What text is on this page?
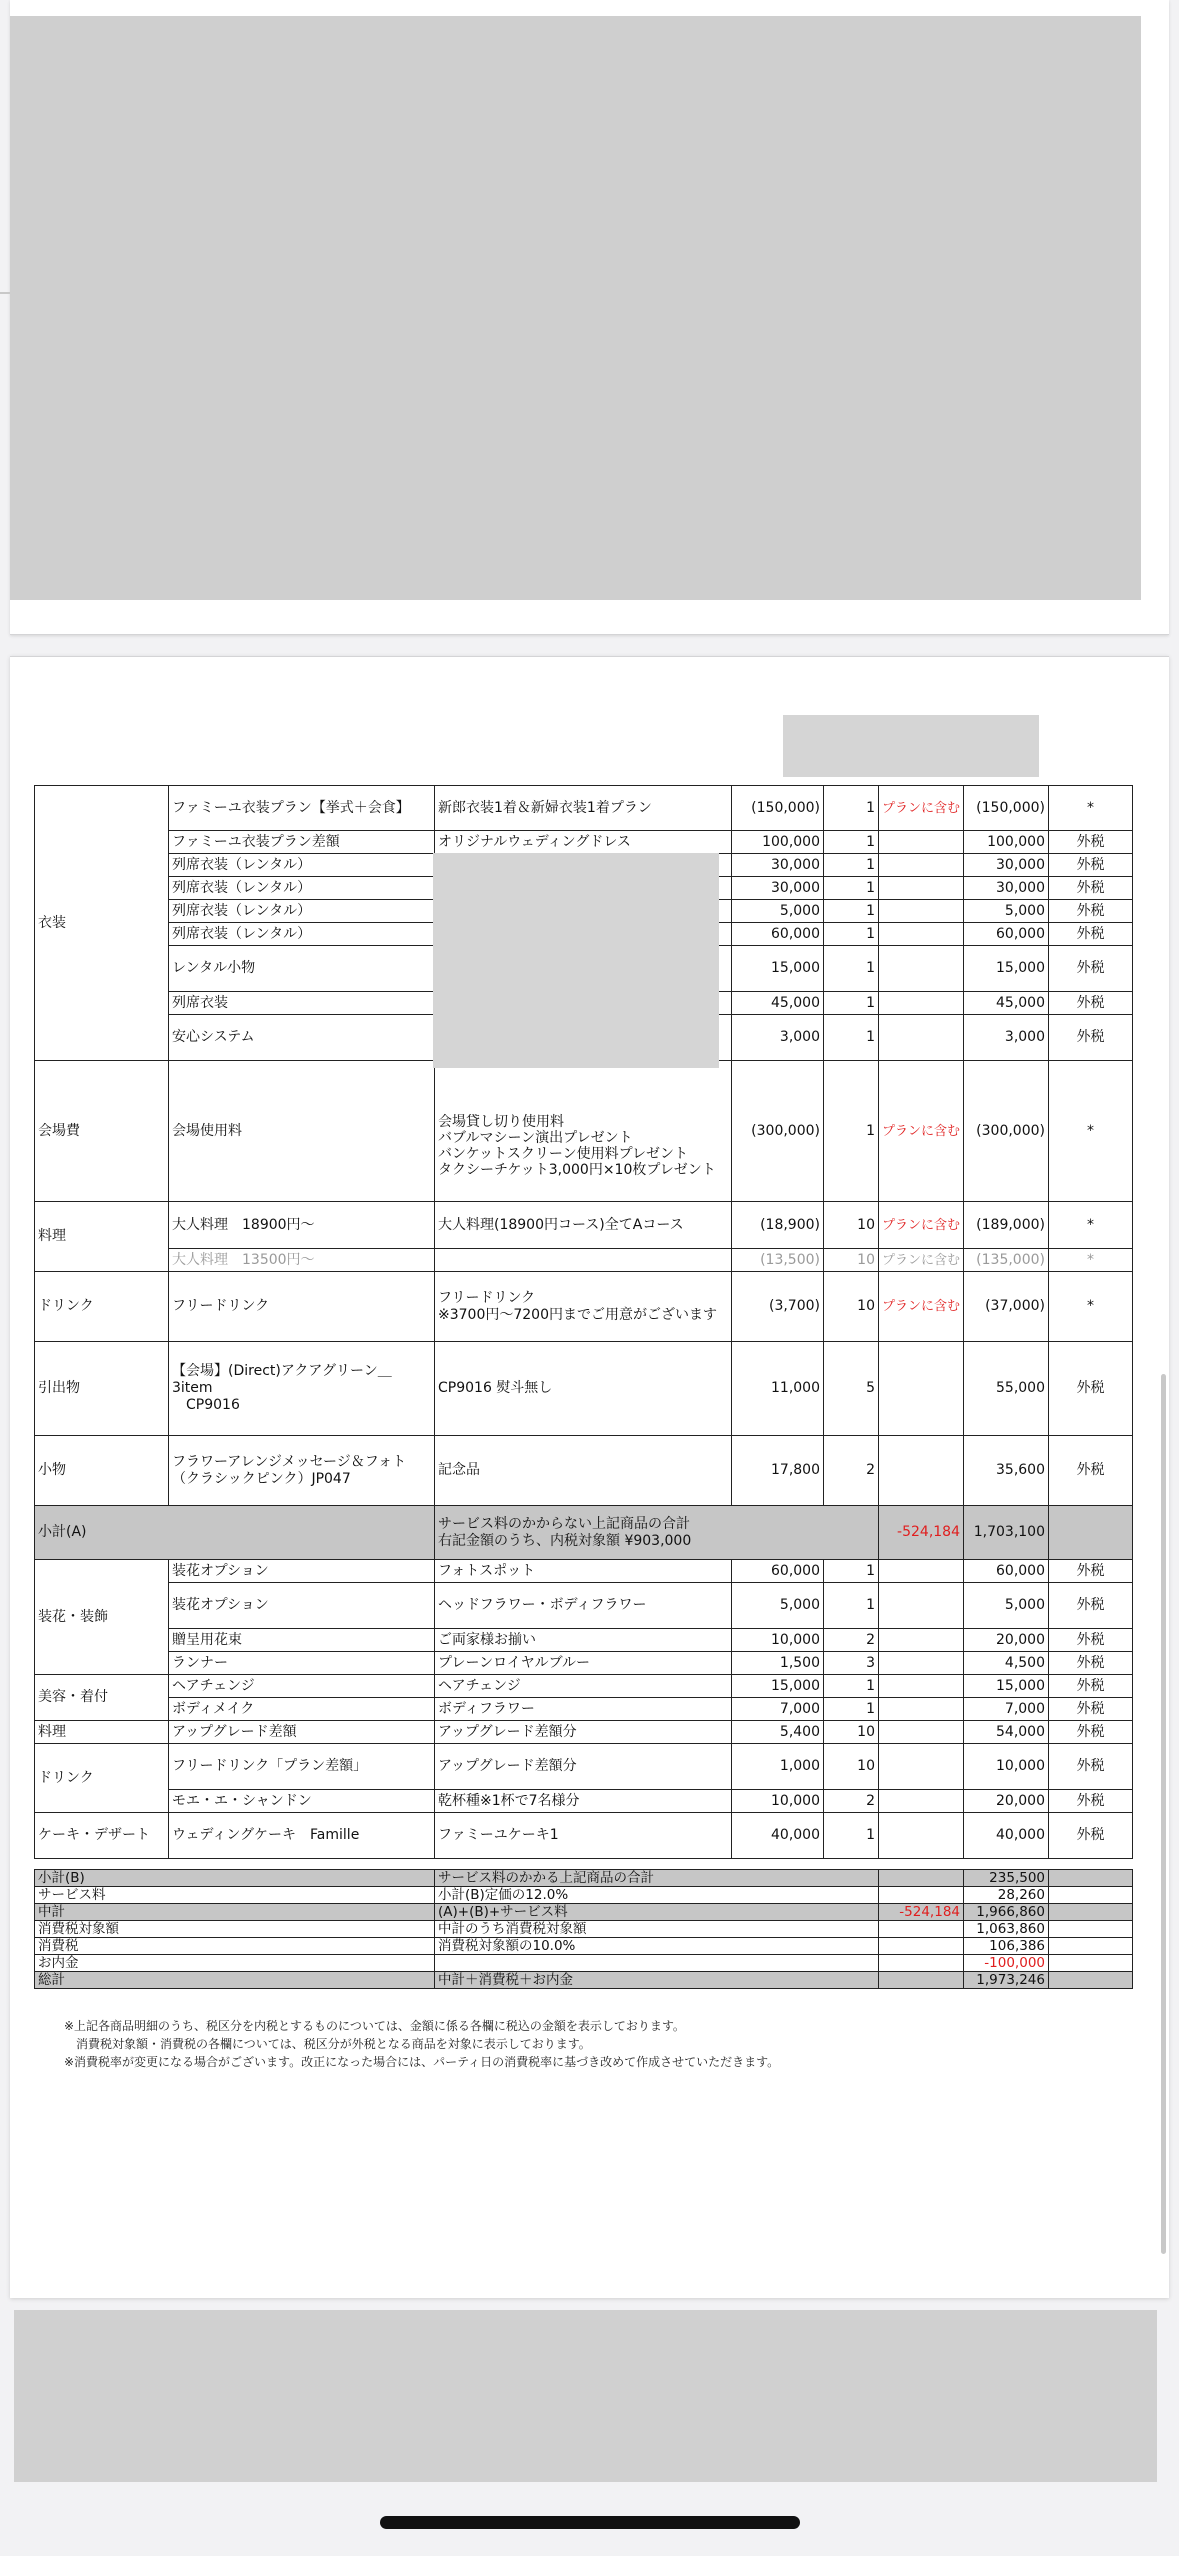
衣装	ファミーユ衣装プラン【挙式＋会食】	新郎衣装1着＆新婦衣装1着プラン	(150,000)	1	プランに含む	(150,000)	*
	ファミーユ衣装プラン差額	オリジナルウェディングドレス	100,000	1		100,000	外税
	列席衣装（レンタル）		30,000	1		30,000	外税
	列席衣装（レンタル）		30,000	1		30,000	外税
	列席衣装（レンタル）		5,000	1		5,000	外税
	列席衣装（レンタル）		60,000	1		60,000	外税
	レンタル小物		15,000	1		15,000	外税
	列席衣装		45,000	1		45,000	外税
	安心システム		3,000	1		3,000	外税
会場費	会場使用料	会場貸し切り使用料
バブルマシーン演出プレゼント
バンケットスクリーン使用料プレゼント
タクシーチケット3,000円×10枚プレゼント	(300,000)	1	プランに含む	(300,000)	*
料理	大人料理　18900円～	大人料理(18900円コース)全てAコース	(18,900)	10	プランに含む	(189,000)	*
	大人料理　13500円～		(13,500)	10	プランに含む	(135,000)	*
ドリンク	フリードリンク	フリードリンク
※3700円～7200円までご用意がございます	(3,700)	10	プランに含む	(37,000)	*
引出物	【会場】(Direct)アクアグリーン＿3item
　CP9016	CP9016 熨斗無し	11,000	5		55,000	外税
小物	フラワーアレンジメッセージ＆フォト（クラシックピンク）JP047	記念品	17,800	2		35,600	外税
小計(A)		サービス料のかからない上記商品の合計
右記金額のうち、内税対象額 ¥903,000			-524,184	1,703,100	
装花・装飾	装花オプション	フォトスポット	60,000	1		60,000	外税
	装花オプション	ヘッドフラワー・ボディフラワー	5,000	1		5,000	外税
	贈呈用花束	ご両家様お揃い	10,000	2		20,000	外税
	ランナー	プレーンロイヤルブルー	1,500	3		4,500	外税
美容・着付	ヘアチェンジ	ヘアチェンジ	15,000	1		15,000	外税
	ボディメイク	ボディフラワー	7,000	1		7,000	外税
料理	アップグレード差額	アップグレード差額分	5,400	10		54,000	外税
ドリンク	フリードリンク「プラン差額」	アップグレード差額分	1,000	10		10,000	外税
	モエ・エ・シャンドン	乾杯種※1杯で7名様分	10,000	2		20,000	外税
ケーキ・デザート	ウェディングケーキ　Famille	ファミーユケーキ1	40,000	1		40,000	外税
小計(B)	サービス料のかかる上記商品の合計		235,500	
サービス料	小計(B)定価の12.0%		28,260	
中計	(A)+(B)+サービス料	-524,184	1,966,860	
消費税対象額	中計のうち消費税対象額		1,063,860	
消費税	消費税対象額の10.0%		106,386	
お内金			-100,000	
総計	中計＋消費税＋お内金		1,973,246	
※上記各商品明細のうち、税区分を内税とするものについては、金額に係る各欄に税込の金額を表示しております。
　消費税対象額・消費税の各欄については、税区分が外税となる商品を対象に表示しております。
※消費税率が変更になる場合がございます。改正になった場合には、パーティ日の消費税率に基づき改めて作成させていただきます。
